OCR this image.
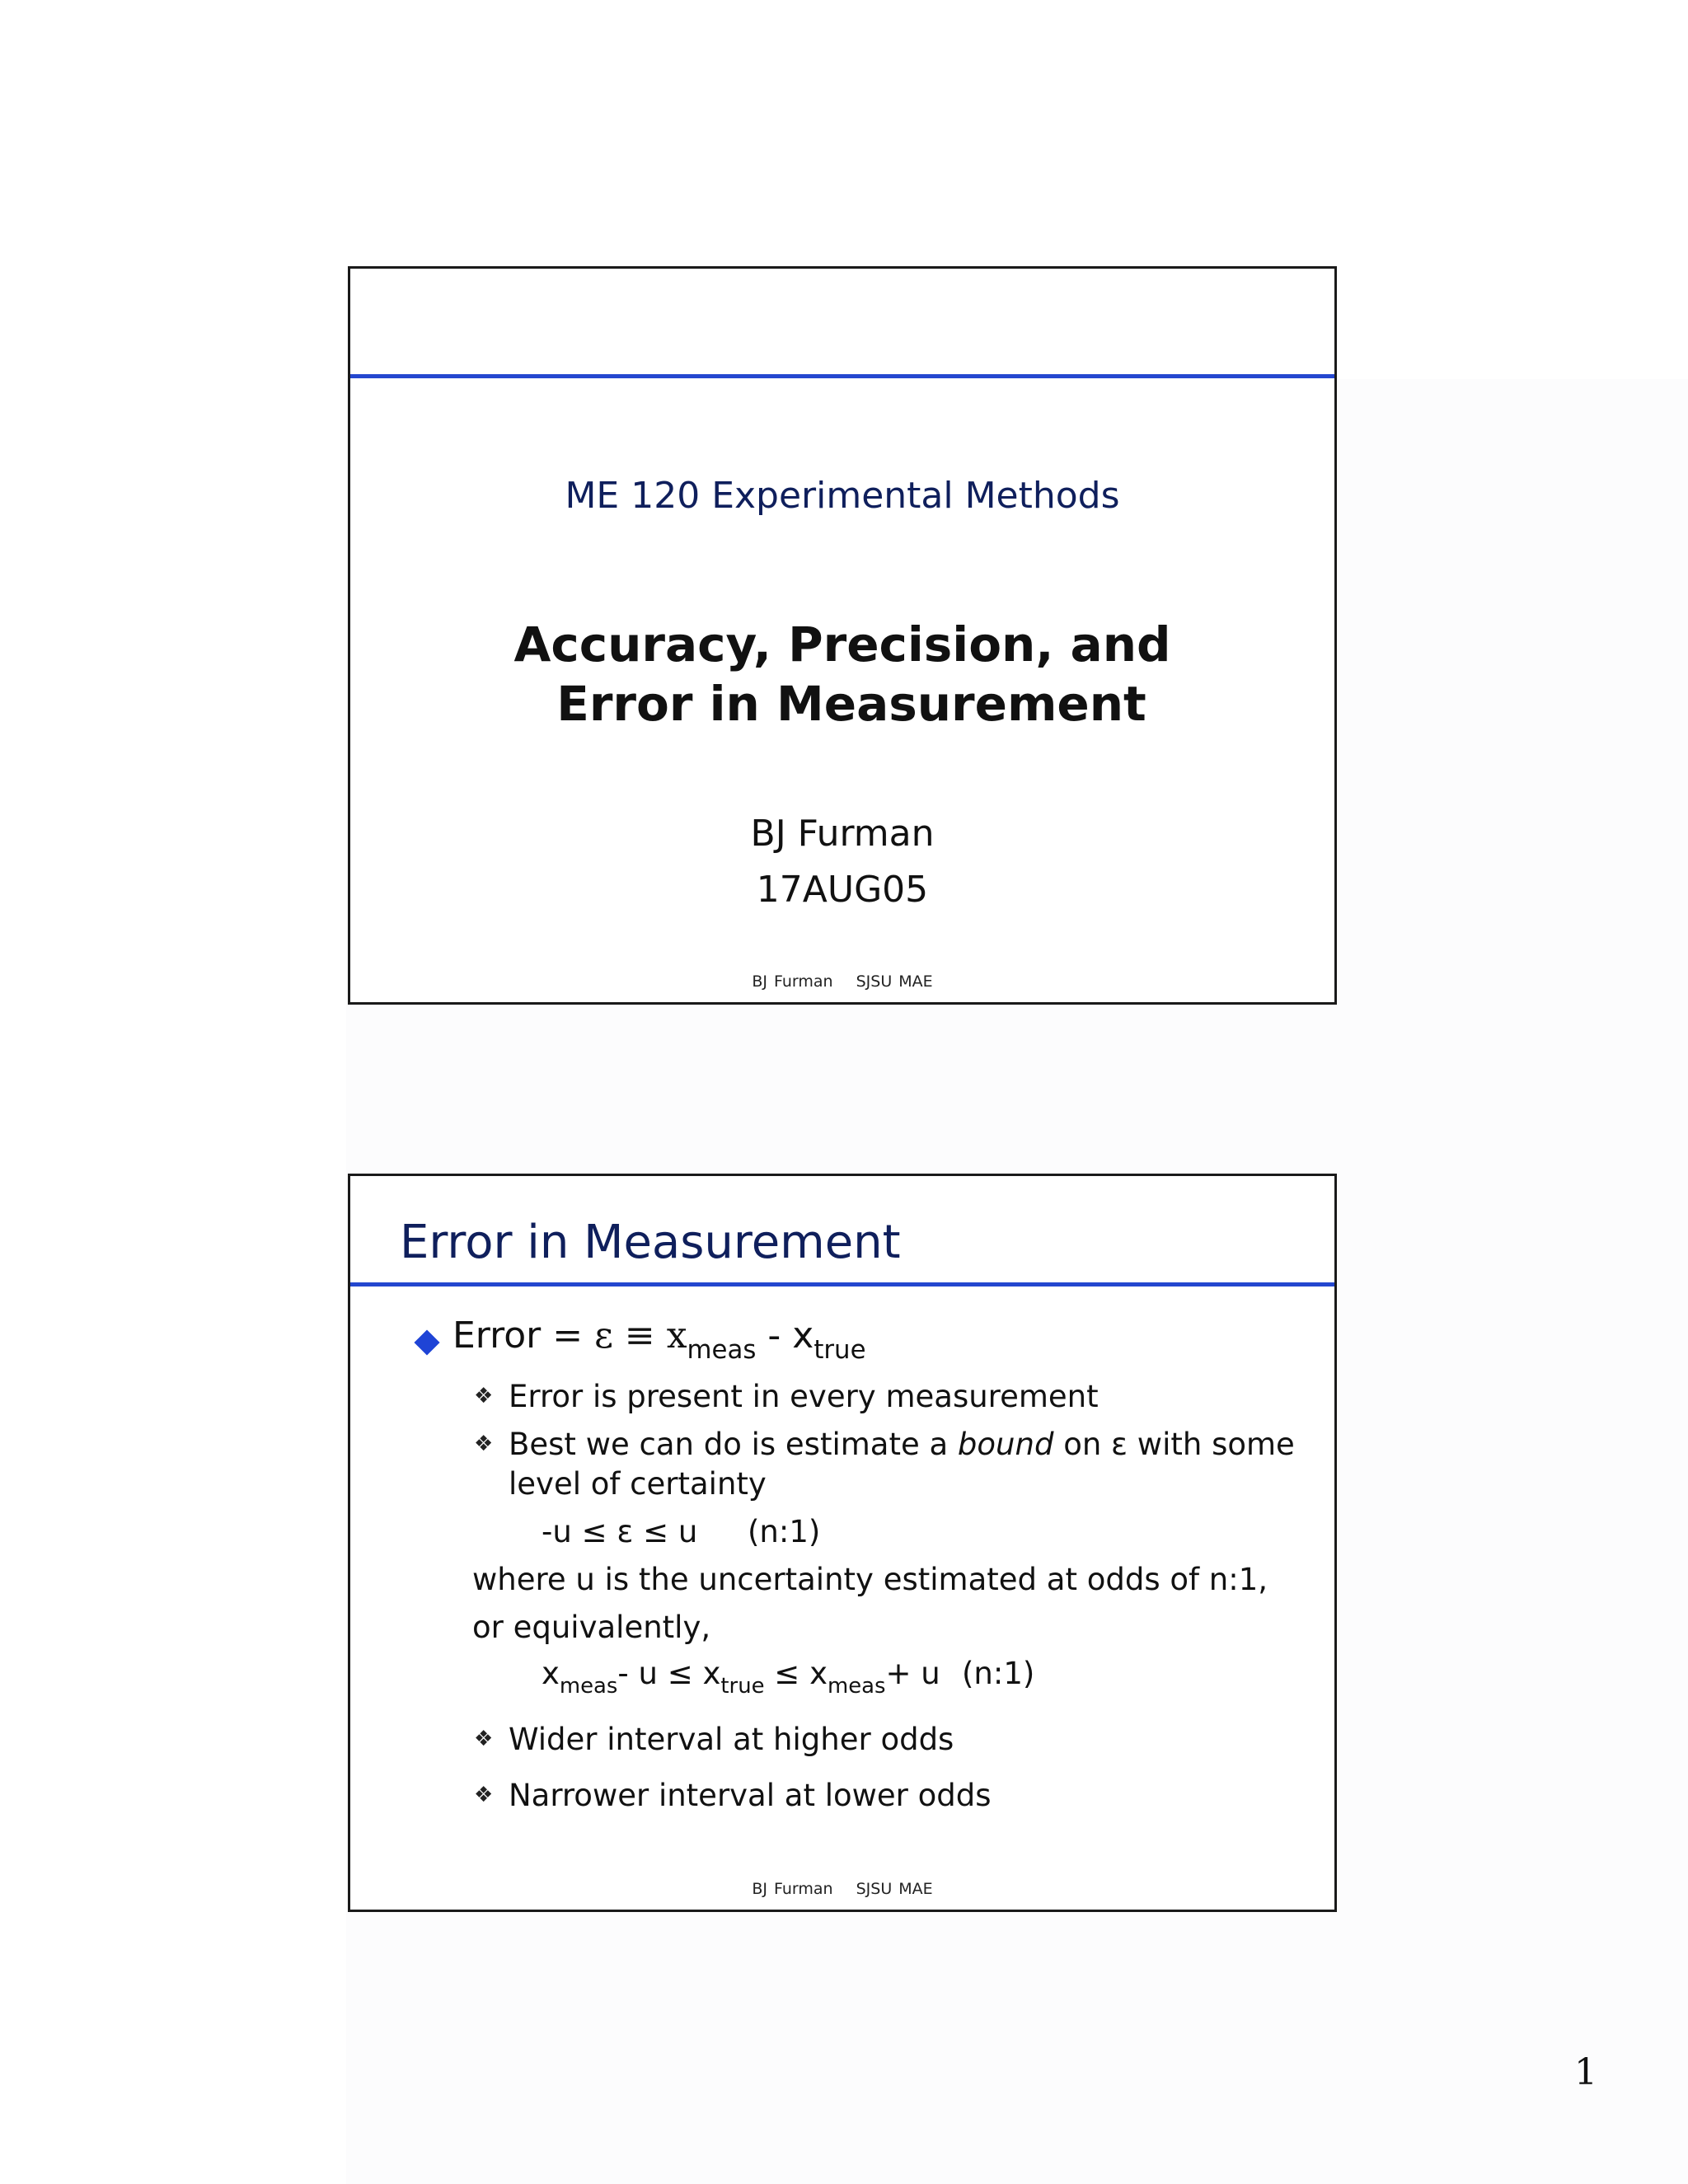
ME 120 Experimental Methods
Accuracy, Precision, and
Error in Measurement
BJ Furman
17AUG05
BJ Furman SJSU MAE
Error in Measurement
Error = $\varepsilon \equiv x_{meas} - x_{true}$
❖ Error is present in every measurement
❖ Best we can do is estimate a bound on ε with some
level of certainty
-u ≤ ε ≤ u (n:1)
where u is the uncertainty estimated at odds of n:1,
or equivalently,
$x_{meas}-$ $u \le x_{true} \le x_{meas}+ u$ (n:1)
❖ Wider interval at higher odds
❖ Narrower interval at lower odds
BJ Furman SJSU MAE
1
